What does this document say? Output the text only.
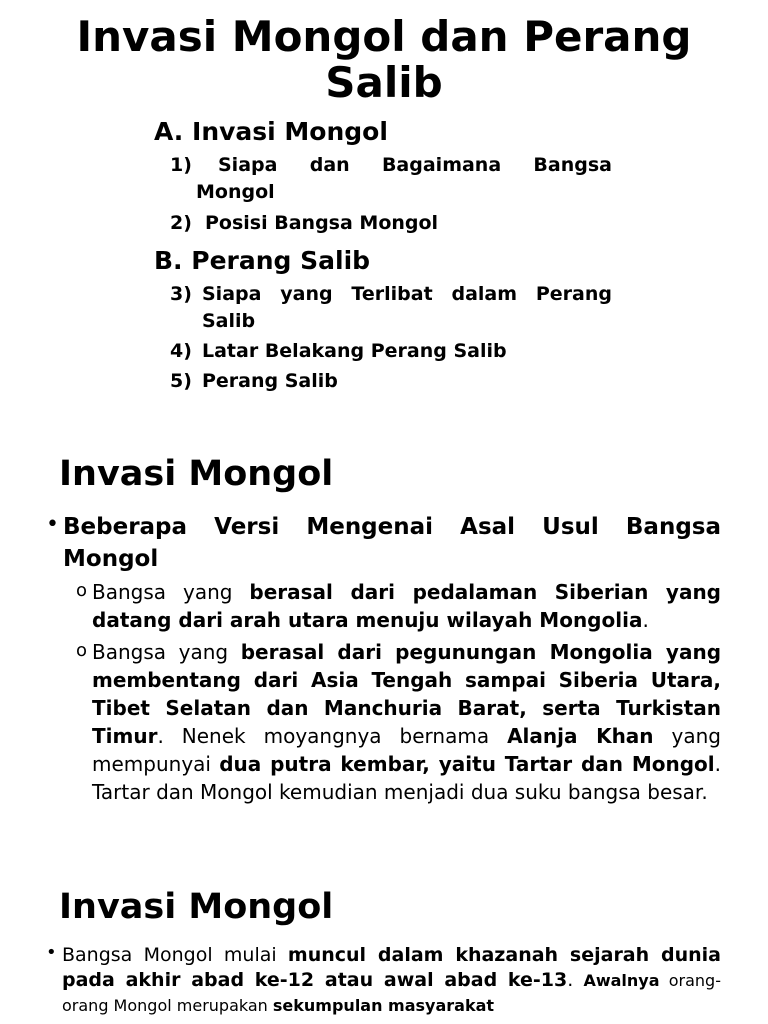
Invasi Mongol dan Perang Salib
A. Invasi Mongol
1)	Siapa dan Bagaimana Bangsa Mongol
2) Posisi Bangsa Mongol
B. Perang Salib
3) Siapa yang Terlibat dalam Perang Salib
4) Latar Belakang Perang Salib
5) Perang Salib
Invasi Mongol
• Beberapa Versi Mengenai Asal Usul Bangsa Mongol
o Bangsa yang berasal dari pedalaman Siberian yang datang dari arah utara menuju wilayah Mongolia.
o Bangsa yang berasal dari pegunungan Mongolia yang membentang dari Asia Tengah sampai Siberia Utara, Tibet Selatan dan Manchuria Barat, serta Turkistan Timur. Nenek moyangnya bernama Alanja Khan yang mempunyai dua putra kembar, yaitu Tartar dan Mongol. Tartar dan Mongol kemudian menjadi dua suku bangsa besar.
Invasi Mongol
• Bangsa Mongol mulai muncul dalam khazanah sejarah dunia pada akhir abad ke-12 atau awal abad ke-13. Awalnya orang-orang Mongol merupakan sekumpulan masyarakat
